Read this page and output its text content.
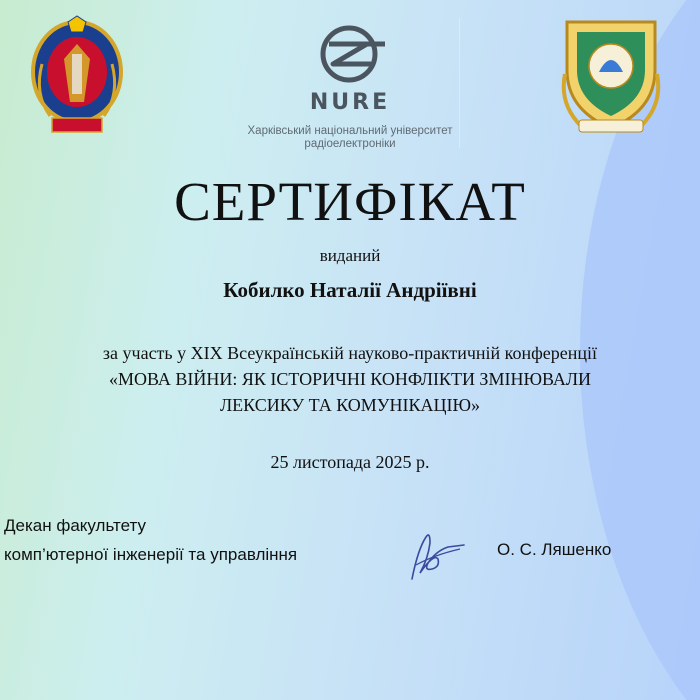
NURE
Харківський національний університет
радіоелектроніки
СЕРТИФІКАТ
виданий
Кобилко Наталії Андріївні
за участь у XIX Всеукраїнській науково-практичній конференції
«МОВА ВІЙНИ: ЯК ІСТОРИЧНІ КОНФЛІКТИ ЗМІНЮВАЛИ
ЛЕКСИКУ ТА КОМУНІКАЦІЮ»
25 листопада 2025 р.
Декан факультету
комп’ютерної інженерії та управління	О. С. Ляшенко
